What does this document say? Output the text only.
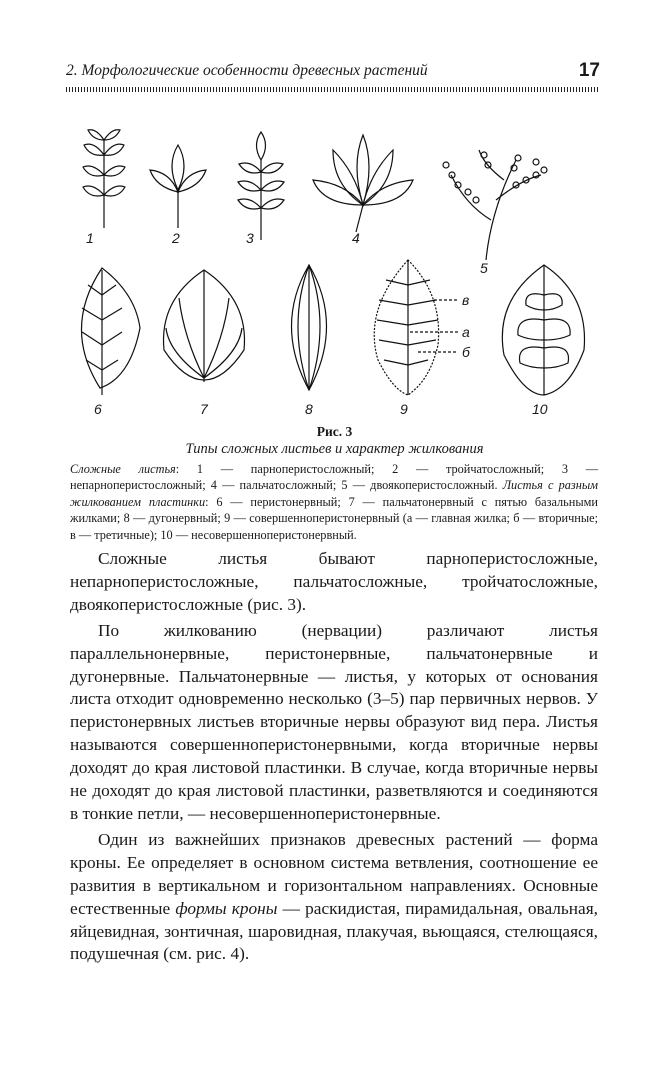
2. Морфологические особенности древесных растений	17
1	2	3	4
5
6	7	8	9	10
в
а
б
Рис. 3
Типы сложных листьев и характер жилкования
Сложные листья: 1 — парноперистосложный; 2 — тройчатосложный; 3 — непарноперистосложный; 4 — пальчатосложный; 5 — двоякоперистосложный. Листья с разным жилкованием пластинки: 6 — перистонервный; 7 — пальчатонервный с пятью базальными жилками; 8 — дугонервный; 9 — совершенноперистонервный (а — главная жилка; б — вторичные; в — третичные); 10 — несовершенноперистонервный.

Сложные листья бывают парноперистосложные, непарноперистосложные, пальчатосложные, тройчатосложные, двоякоперистосложные (рис. 3).

По жилкованию (нервации) различают листья параллельнонервные, перистонервные, пальчатонервные и дугонервные. Пальчатонервные — листья, у которых от основания листа отходит одновременно несколько (3–5) пар первичных нервов. У перистонервных листьев вторичные нервы образуют вид пера. Листья называются совершенноперистонервными, когда вторичные нервы доходят до края листовой пластинки. В случае, когда вторичные нервы не доходят до края листовой пластинки, разветвляются и соединяются в тонкие петли, — несовершенноперистонервные.

Один из важнейших признаков древесных растений — форма кроны. Ее определяет в основном система ветвления, соотношение ее развития в вертикальном и горизонтальном направлениях. Основные естественные формы кроны — раскидистая, пирамидальная, овальная, яйцевидная, зонтичная, шаровидная, плакучая, вьющаяся, стелющаяся, подушечная (см. рис. 4).
